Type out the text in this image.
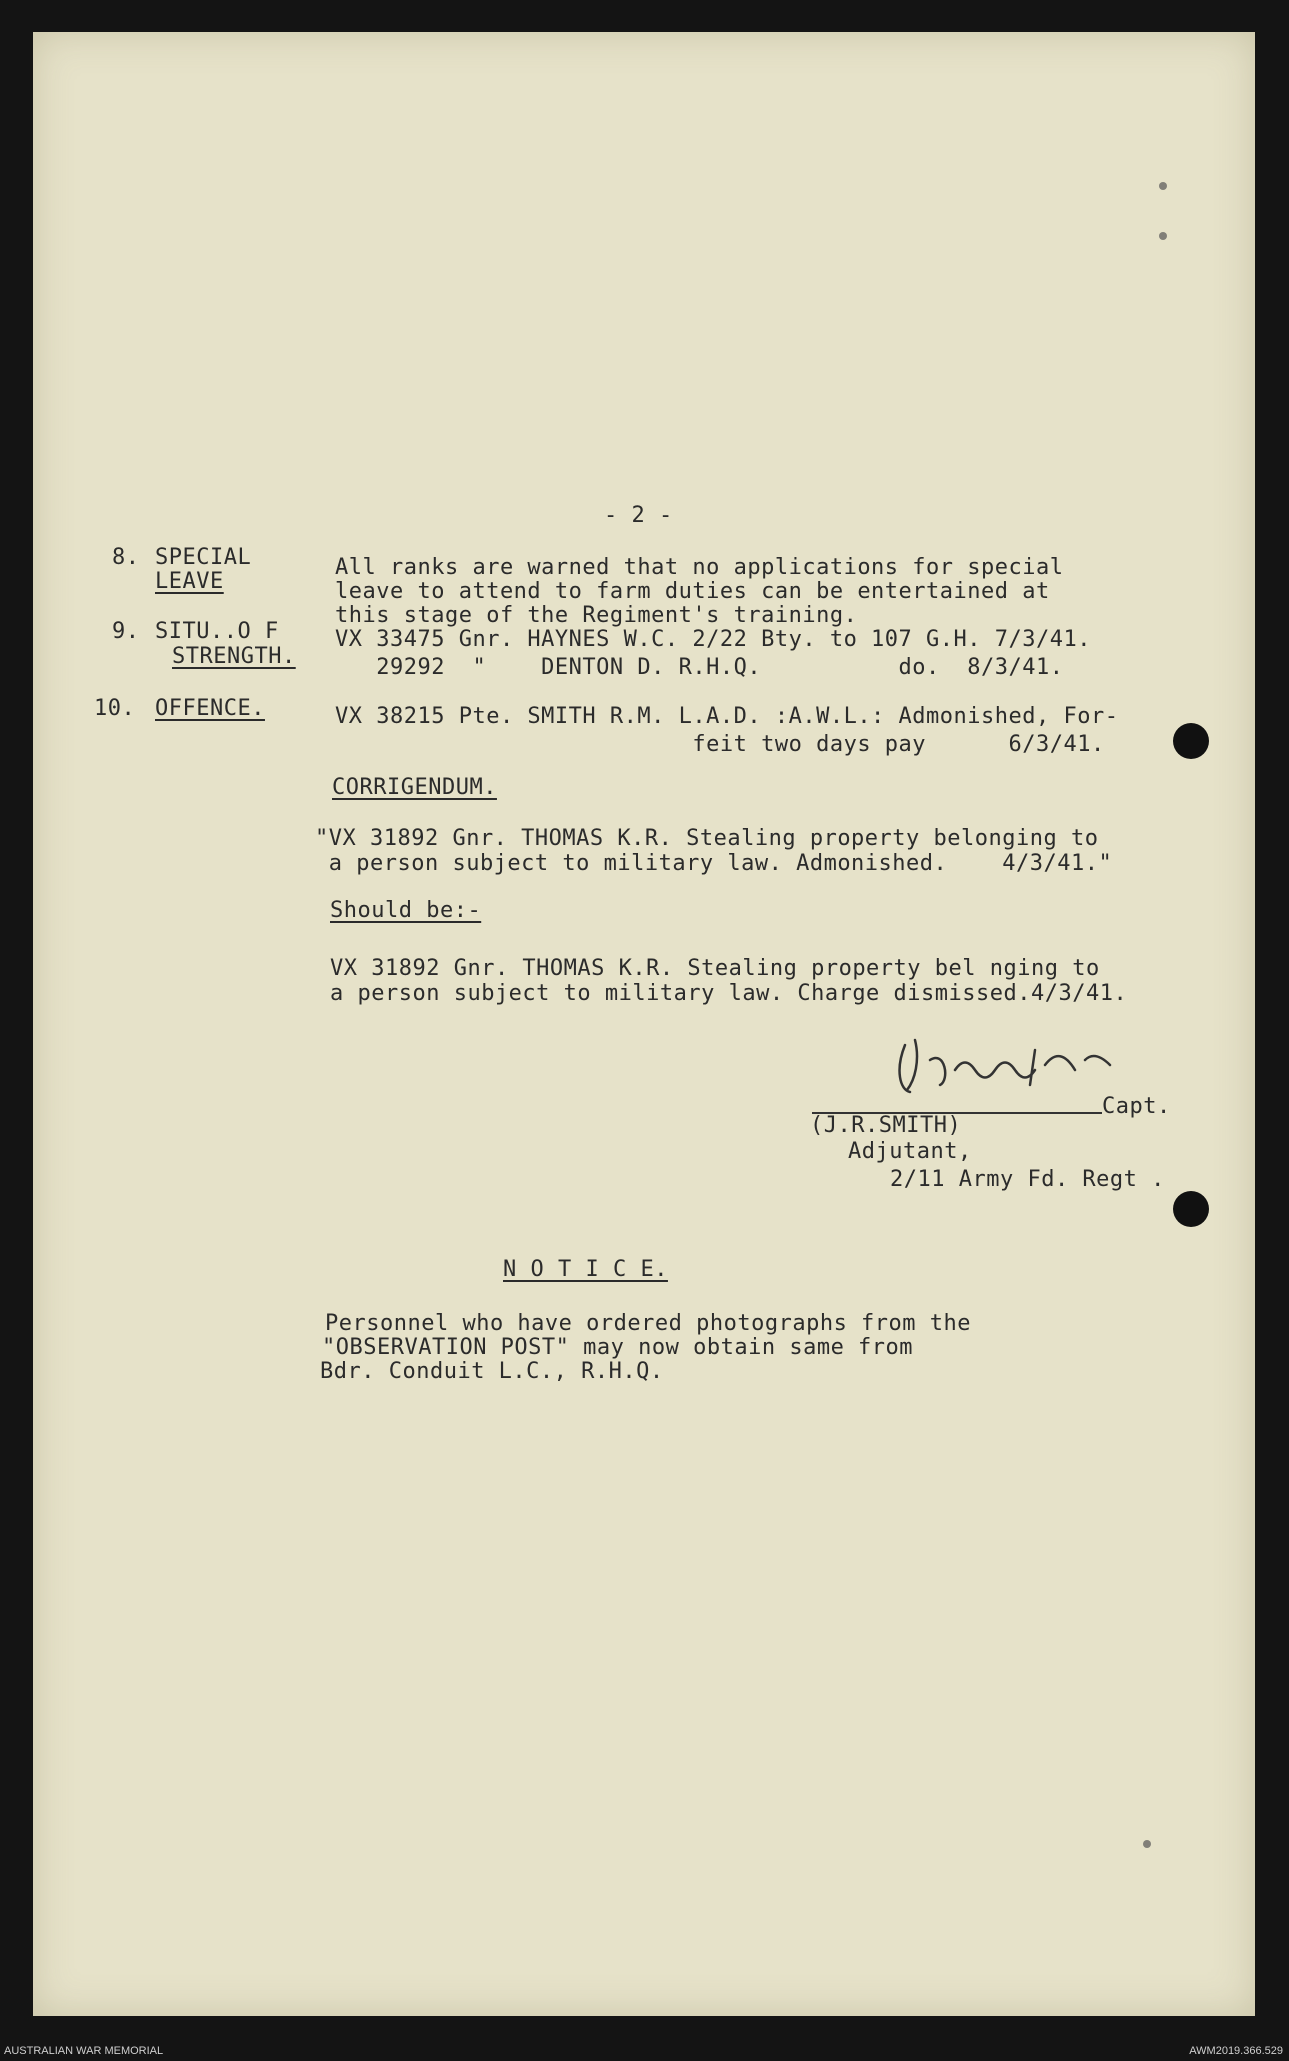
- 2 -
8. SPECIAL
LEAVE
All ranks are warned that no applications for special
leave to attend to farm duties can be entertained at
this stage of the Regiment's training.
9. SITU..O F
STRENGTH.
VX 33475 Gnr. HAYNES W.C. 2/22 Bty. to 107 G.H. 7/3/41.
29292  "    DENTON D. R.H.Q.          do.  8/3/41.
10. OFFENCE.	VX 38215 Pte. SMITH R.M. L.A.D. :A.W.L.: Admonished, For-
feit two days pay      6/3/41.
CORRIGENDUM.
"VX 31892 Gnr. THOMAS K.R. Stealing property belonging to
a person subject to military law. Admonished.    4/3/41."
Should be:-
VX 31892 Gnr. THOMAS K.R. Stealing property bel nging to
a person subject to military law. Charge dismissed.4/3/41.
Capt.
(J.R.SMITH)
Adjutant,
2/11 Army Fd. Regt .
N O T I C E.
Personnel who have ordered photographs from the
"OBSERVATION POST" may now obtain same from
Bdr. Conduit L.C., R.H.Q.
AUSTRALIAN WAR MEMORIAL	AWM2019.366.529
